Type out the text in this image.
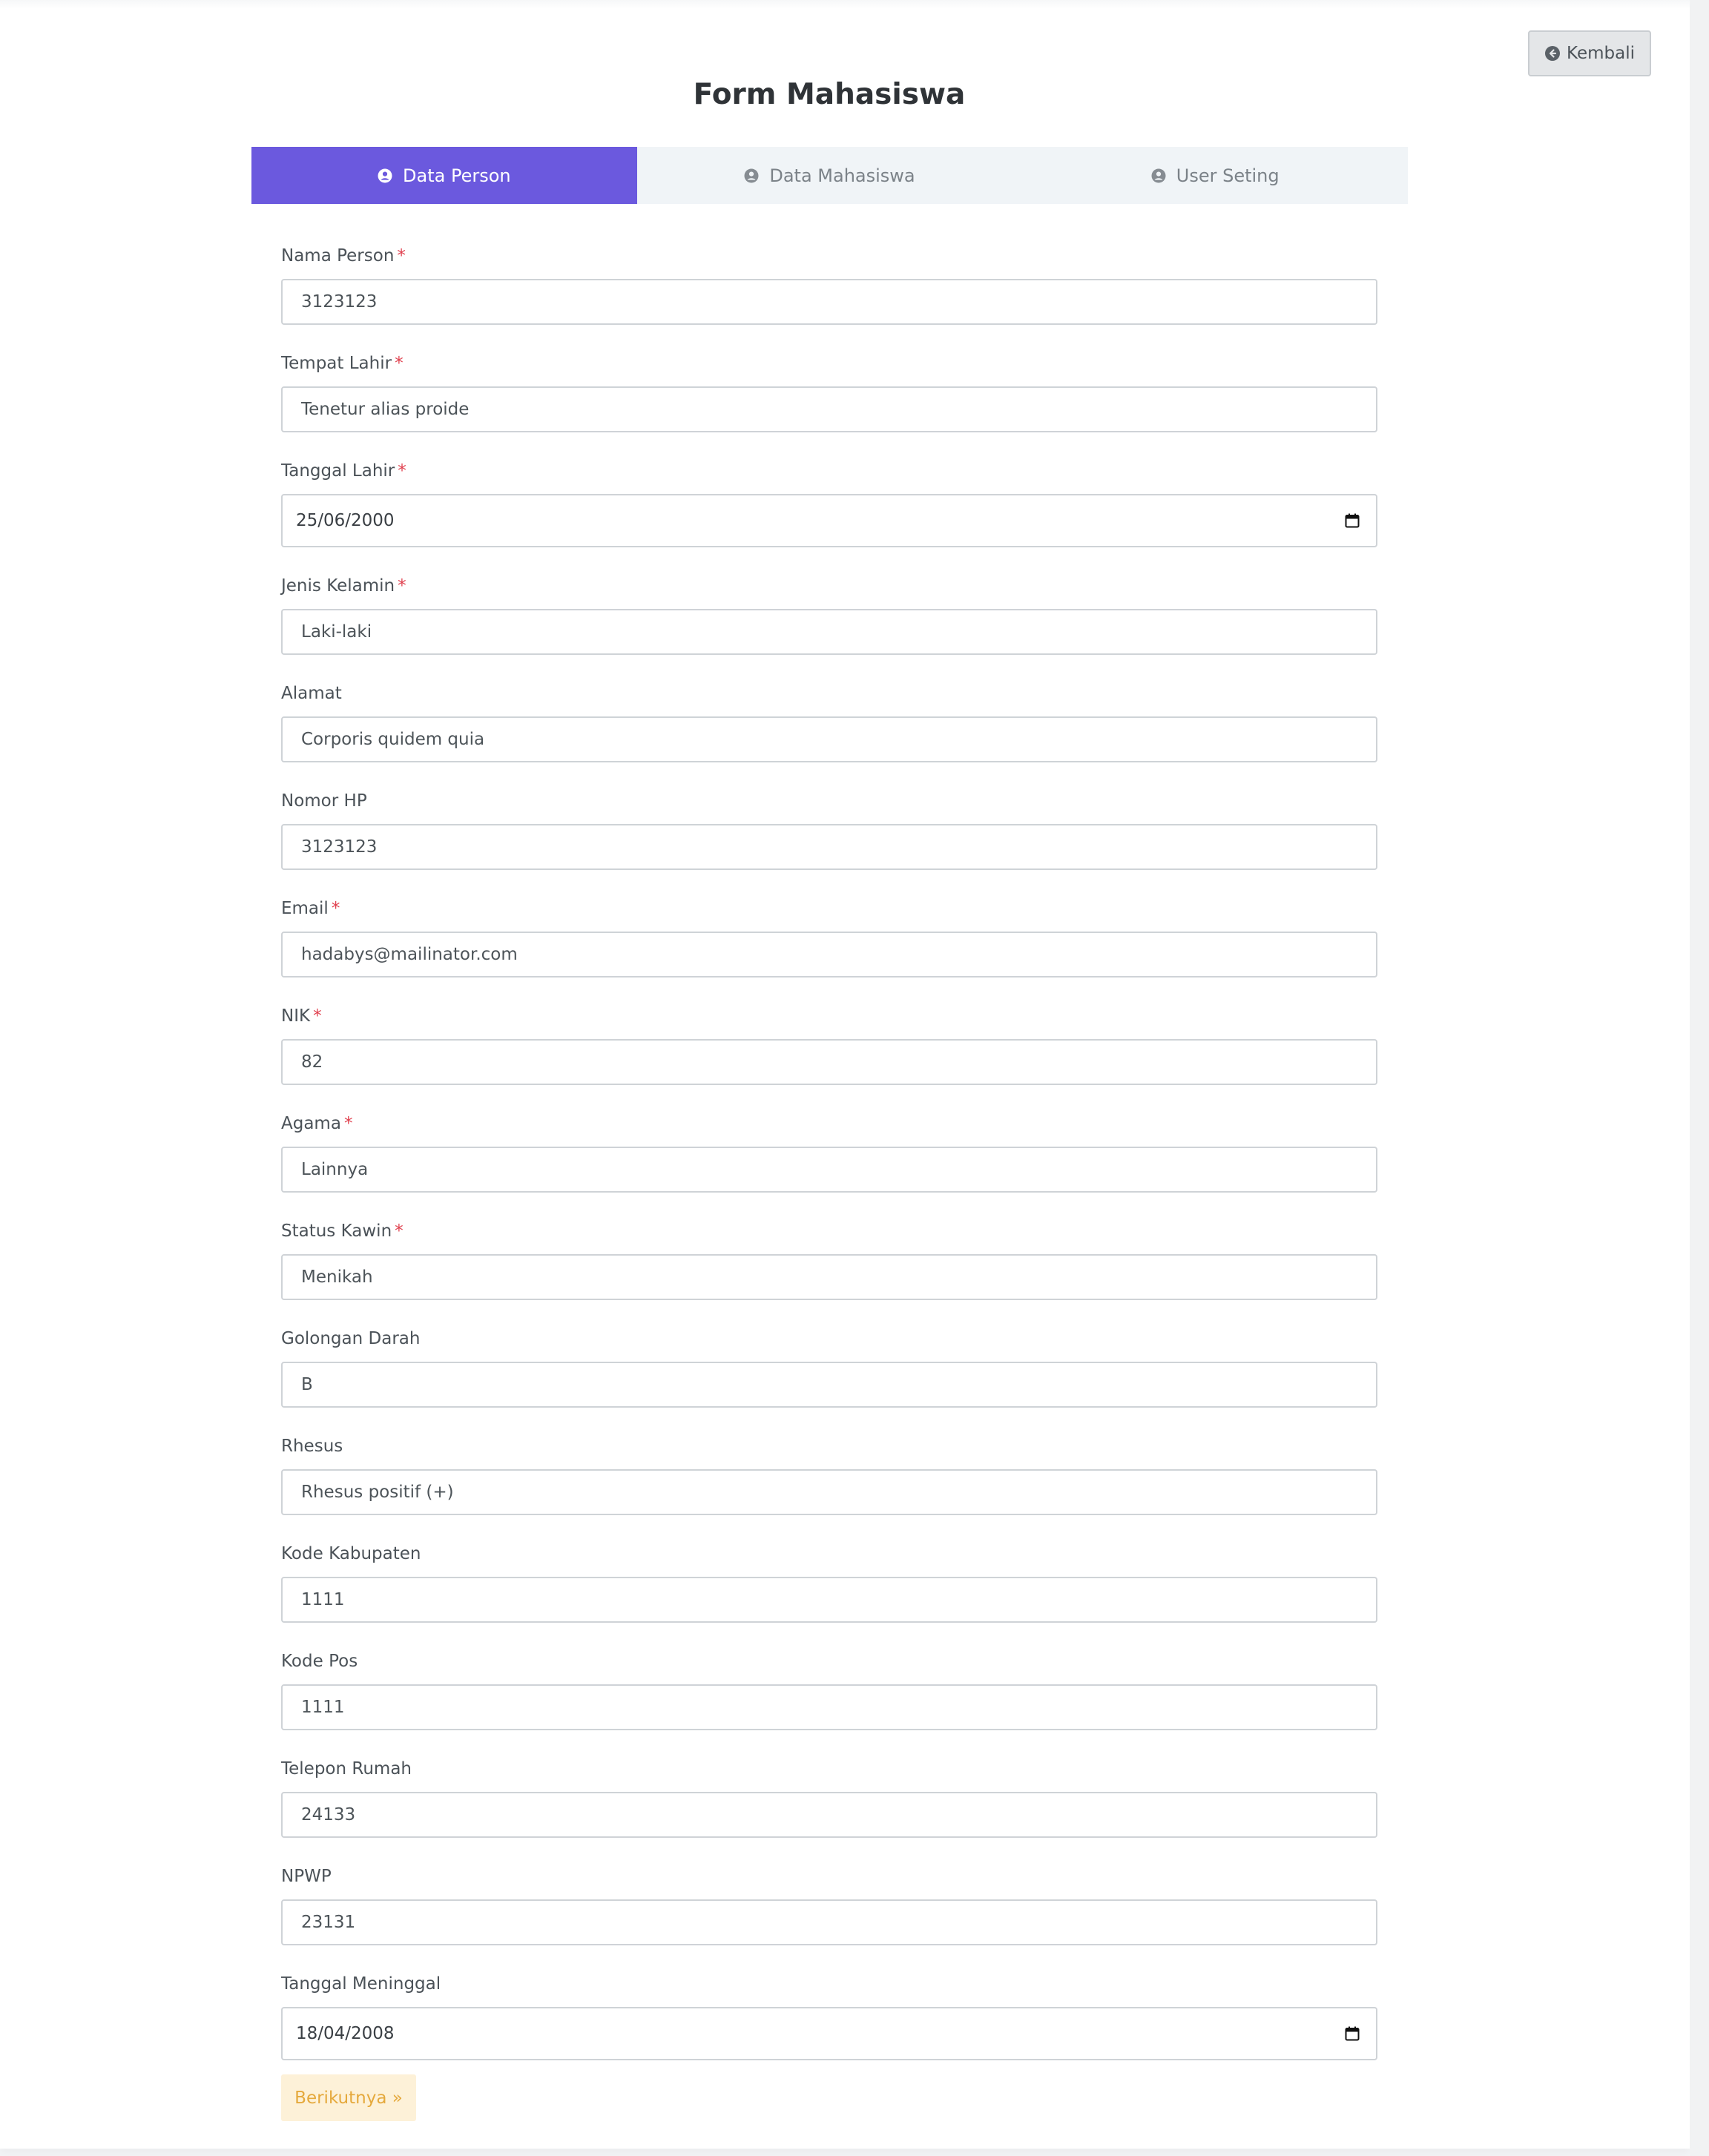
Kembali
Form Mahasiswa
Data Person	Data Mahasiswa	User Seting
Nama Person *
3123123
Tempat Lahir *
Tenetur alias proide
Tanggal Lahir *
25/06/2000
Jenis Kelamin *
Laki-laki
Alamat
Corporis quidem quia
Nomor HP
3123123
Email *
hadabys@mailinator.com
NIK *
82
Agama *
Lainnya
Status Kawin *
Menikah
Golongan Darah
B
Rhesus
Rhesus positif (+)
Kode Kabupaten
1111
Kode Pos
1111
Telepon Rumah
24133
NPWP
23131
Tanggal Meninggal
18/04/2008
Berikutnya »
